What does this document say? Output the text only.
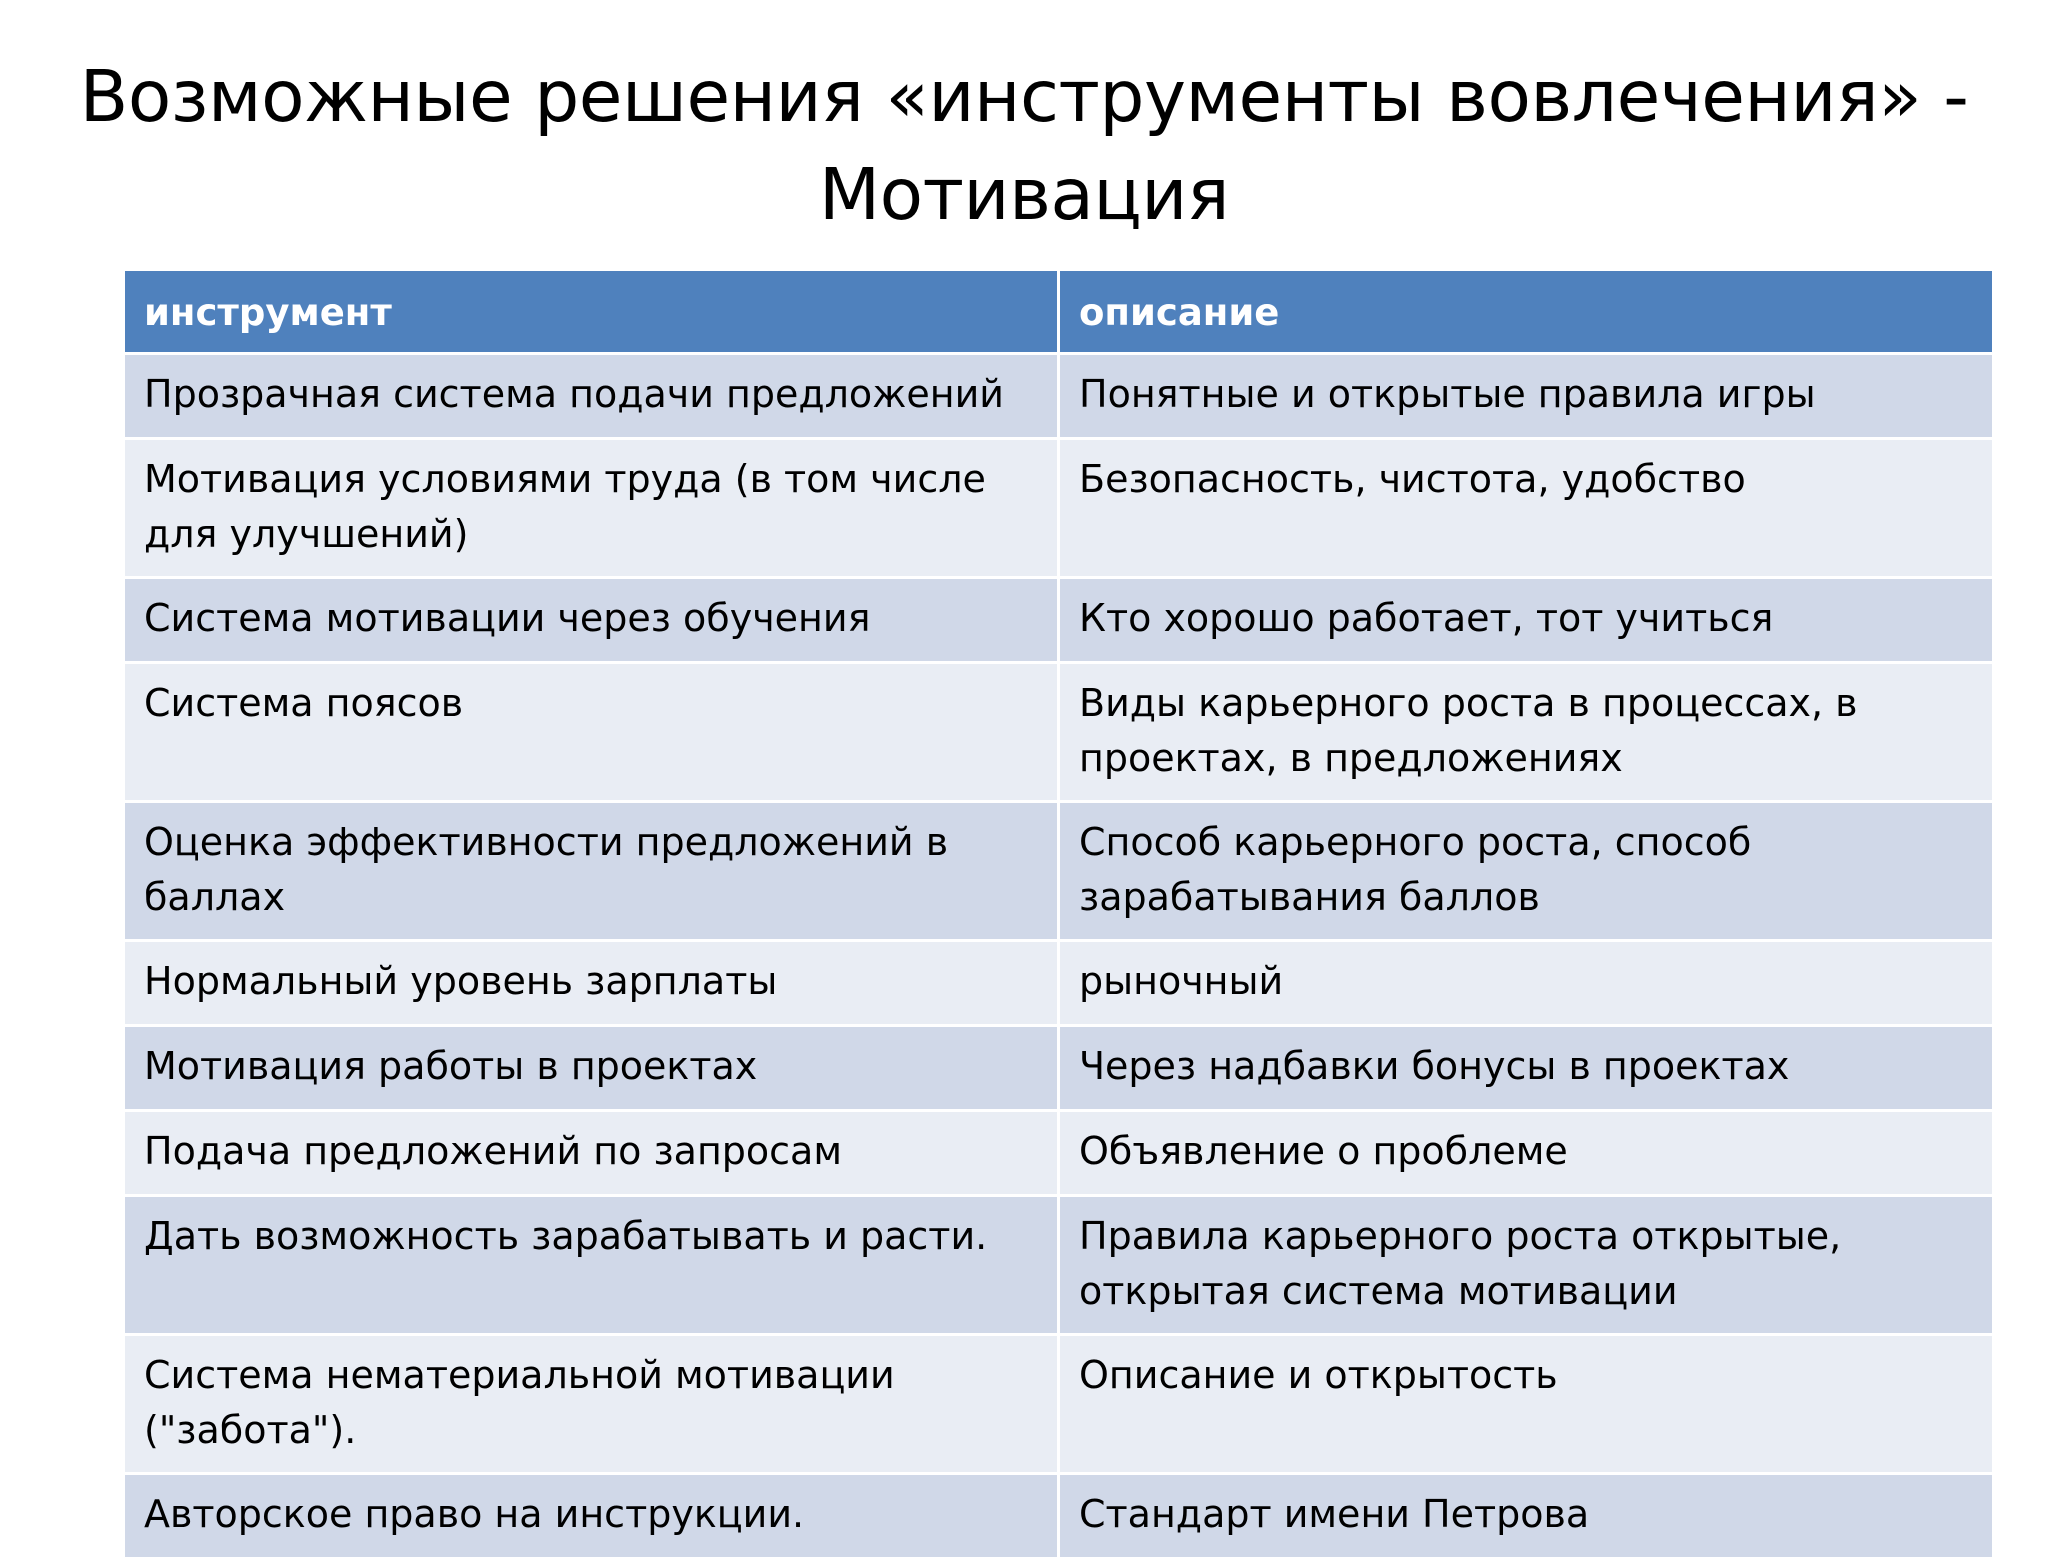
Возможные решения «инструменты вовлечения» -
Мотивация
инструмент	описание
Прозрачная система подачи предложений	Понятные и открытые правила игры
Мотивация условиями труда (в том числе для улучшений)	Безопасность, чистота, удобство
Система мотивации через обучения	Кто хорошо работает, тот учиться
Система поясов	Виды карьерного роста в процессах, в проектах, в предложениях
Оценка эффективности предложений в баллах	Способ карьерного роста, способ зарабатывания баллов
Нормальный уровень зарплаты	рыночный
Мотивация работы в проектах	Через надбавки бонусы в проектах
Подача предложений по запросам	Объявление о проблеме
Дать возможность зарабатывать и расти.	Правила карьерного роста открытые, открытая система мотивации
Система нематериальной мотивации ("забота").	Описание и открытость
Авторское право на инструкции.	Стандарт имени Петрова
